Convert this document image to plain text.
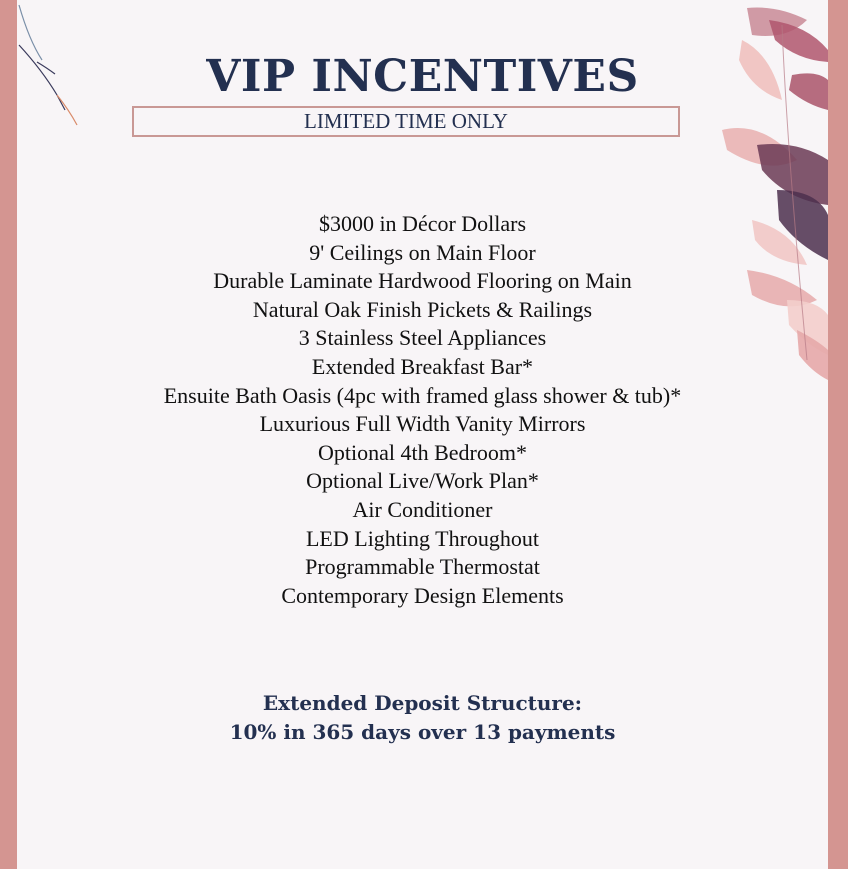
VIP INCENTIVES
LIMITED TIME ONLY
$3000 in Décor Dollars
9' Ceilings on Main Floor
Durable Laminate Hardwood Flooring on Main
Natural Oak Finish Pickets & Railings
3 Stainless Steel Appliances
Extended Breakfast Bar*
Ensuite Bath Oasis (4pc with framed glass shower & tub)*
Luxurious Full Width Vanity Mirrors
Optional 4th Bedroom*
Optional Live/Work Plan*
Air Conditioner
LED Lighting Throughout
Programmable Thermostat
Contemporary Design Elements
Extended Deposit Structure:
10% in 365 days over 13 payments
